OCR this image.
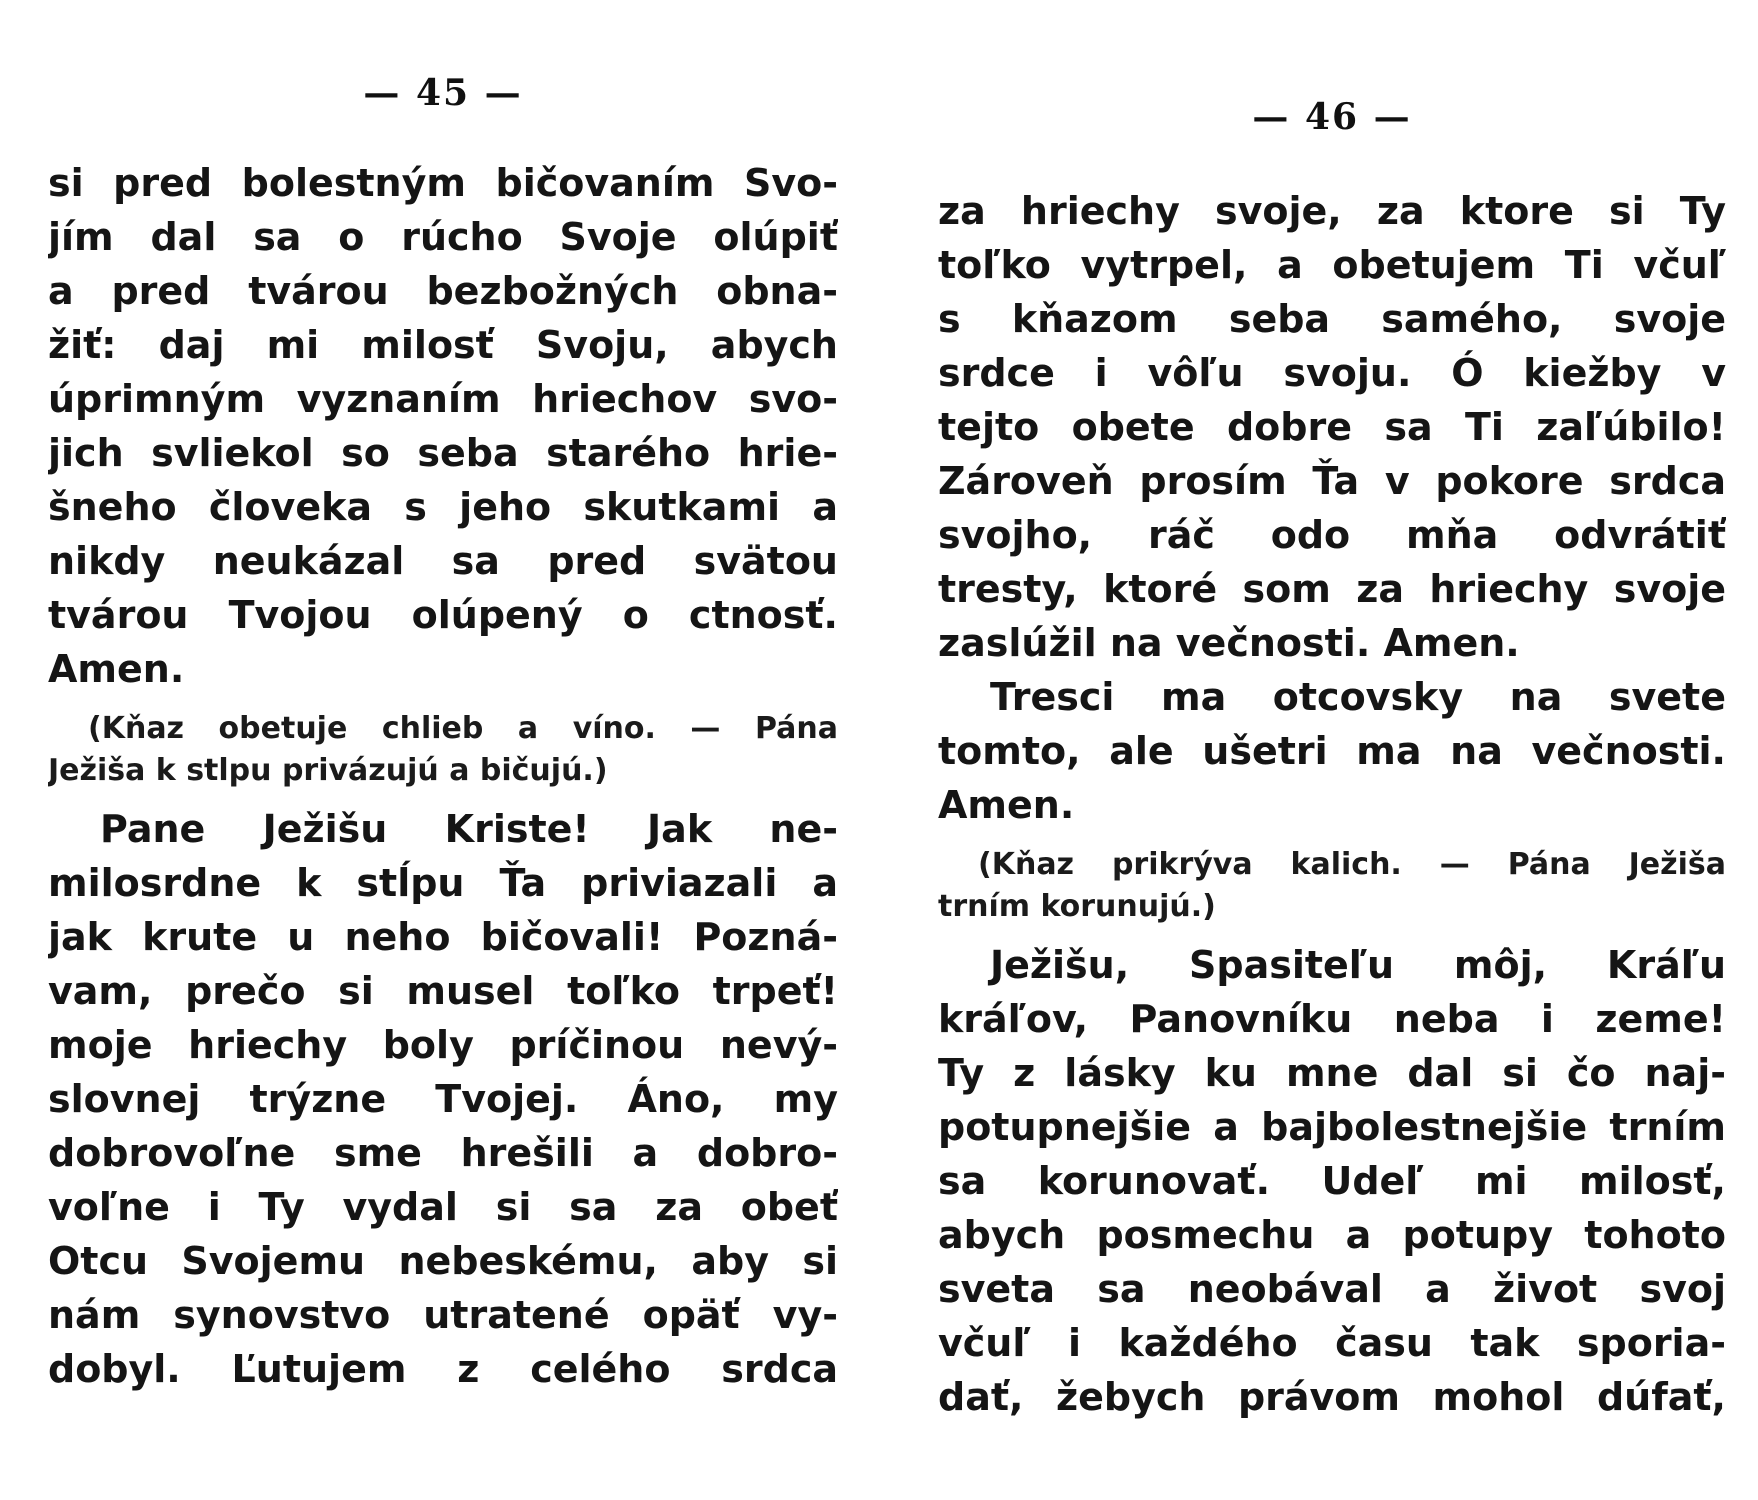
— 45 —

si pred bolestným bičovaním Svo-
jím dal sa o rúcho Svoje olúpiť
a pred tvárou bezbožných obna-
žiť: daj mi milosť Svoju, abych
úprimným vyznaním hriechov svo-
jich svliekol so seba starého hrie-
šneho človeka s jeho skutkami a
nikdy neukázal sa pred svätou
tvárou Tvojou olúpený o ctnosť.
Amen.

(Kňaz obetuje chlieb a víno. — Pána
Ježiša k stlpu privázujú a bičujú.)

Pane Ježišu Kriste! Jak ne-
milosrdne k stĺpu Ťa priviazali a
jak krute u neho bičovali! Pozná-
vam, prečo si musel toľko trpeť!
moje hriechy boly príčinou nevý-
slovnej trýzne Tvojej. Áno, my
dobrovoľne sme hrešili a dobro-
voľne i Ty vydal si sa za obeť
Otcu Svojemu nebeskému, aby si
nám synovstvo utratené opäť vy-
dobyl. Ľutujem z celého srdca

— 46 —

za hriechy svoje, za ktore si Ty
toľko vytrpel, a obetujem Ti včuľ
s kňazom seba samého, svoje
srdce i vôľu svoju. Ó kiežby v
tejto obete dobre sa Ti zaľúbilo!
Zároveň prosím Ťa v pokore srdca
svojho, ráč odo mňa odvrátiť
tresty, ktoré som za hriechy svoje
zaslúžil na večnosti. Amen.

Tresci ma otcovsky na svete
tomto, ale ušetri ma na večnosti.
Amen.

(Kňaz prikrýva kalich. — Pána Ježiša
trním korunujú.)

Ježišu, Spasiteľu môj, Kráľu
kráľov, Panovníku neba i zeme!
Ty z lásky ku mne dal si čo naj-
potupnejšie a bajbolestnejšie trním
sa korunovať. Udeľ mi milosť,
abych posmechu a potupy tohoto
sveta sa neobával a život svoj
včuľ i každého času tak sporia-
dať, žebych právom mohol dúfať,
